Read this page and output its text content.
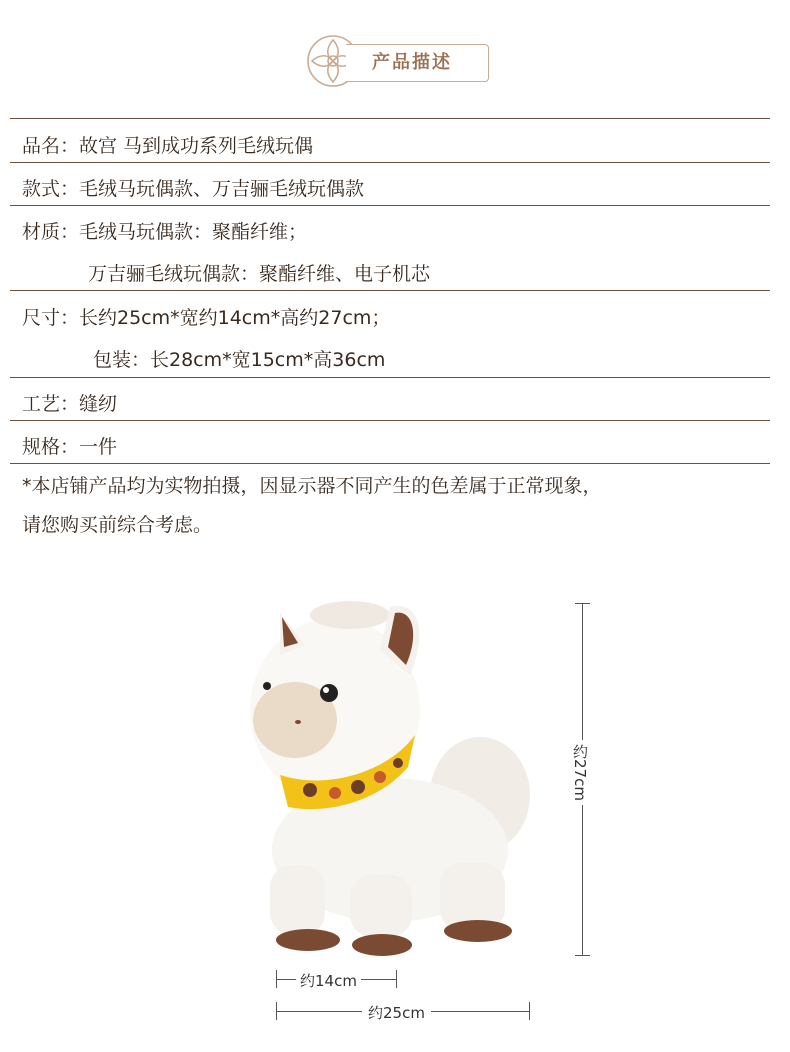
产品描述
品名：故宫 马到成功系列毛绒玩偶
款式：毛绒马玩偶款、万吉骊毛绒玩偶款
材质：毛绒马玩偶款：聚酯纤维；
万吉骊毛绒玩偶款：聚酯纤维、电子机芯
尺寸：长约25cm*宽约14cm*高约27cm；
包装：长28cm*宽15cm*高36cm
工艺：缝纫
规格：一件
*本店铺产品均为实物拍摄，因显示器不同产生的色差属于正常现象，
请您购买前综合考虑。
约27cm
约14cm
约25cm
